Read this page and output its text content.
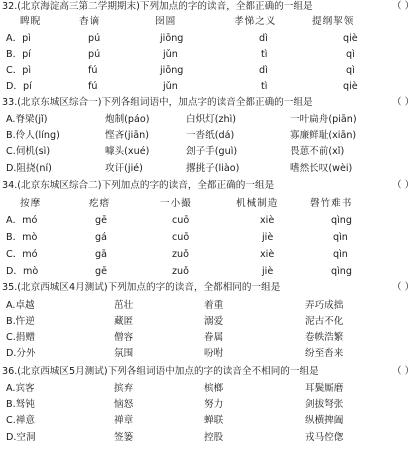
32.(北京海淀高三第二学期期末)下列加点的字的读音，全都正确的一组是	（ ）
睥睨	杳谪	囹圄	孝悌之义	提纲挈领
A．pì	pú	jiōng	dì	qiè
B．pí	pú	jǔn	tì	qì
C．pì	fú	jiōng	dì	qì
D．pí	fú	jǔn	tì	qiè
33.(北京东城区综合一)下列各组词语中，加点字的读音全都正确的一组是	（ ）
A.脊梁(jǐ)	炮制(páo)	白炽灯(zhì)	一叶扁舟(piān)
B.伶人(líng)	悭吝(jiān)	一沓纸(dá)	寡廉鲜耻(xiān)
C.伺机(sì)	噱头(xué)	刽子手(guì)	畏葸不前(xǐ)
D.阻挠(ní)	攻讦(jié)	撂挑子(liào)	嗜然长叹(wèi)
34.(北京东城区综合二)下列加点的字的读音，全都正确的一组是	（ ）
按摩	疙瘩	一小撮	机械制造	磬竹难书
A．mó	gē	cuō	xiè	qìng
B．mò	gá	cuō	jiè	qìn
C．mó	gā	zuǒ	xiè	qìn
D．mò	gē	zuǒ	jiè	qìng
35.(北京西城区4月测试)下列加点的字的读音，全都相同的一组是	（ ）
A.卓越	茁壮	着重	弄巧成拙
B.忤逆	藏匿	溺爱	泥古不化
C.捐赠	僧容	眷属	卷帙浩繁
D.分外	氛围	吩咐	纷至沓来
36.(北京西城区5月测试)下列各组词语中加点的字的读音全不相同的一组是	（ ）
A.宾客	摈弃	槟榔	耳鬓厮磨
B.驽钝	恼怒	努力	剑拔弩张
C.禅意	禅章	蝉联	纵横捭阖
D.空洞	签篓	控股	戎马倥偬
